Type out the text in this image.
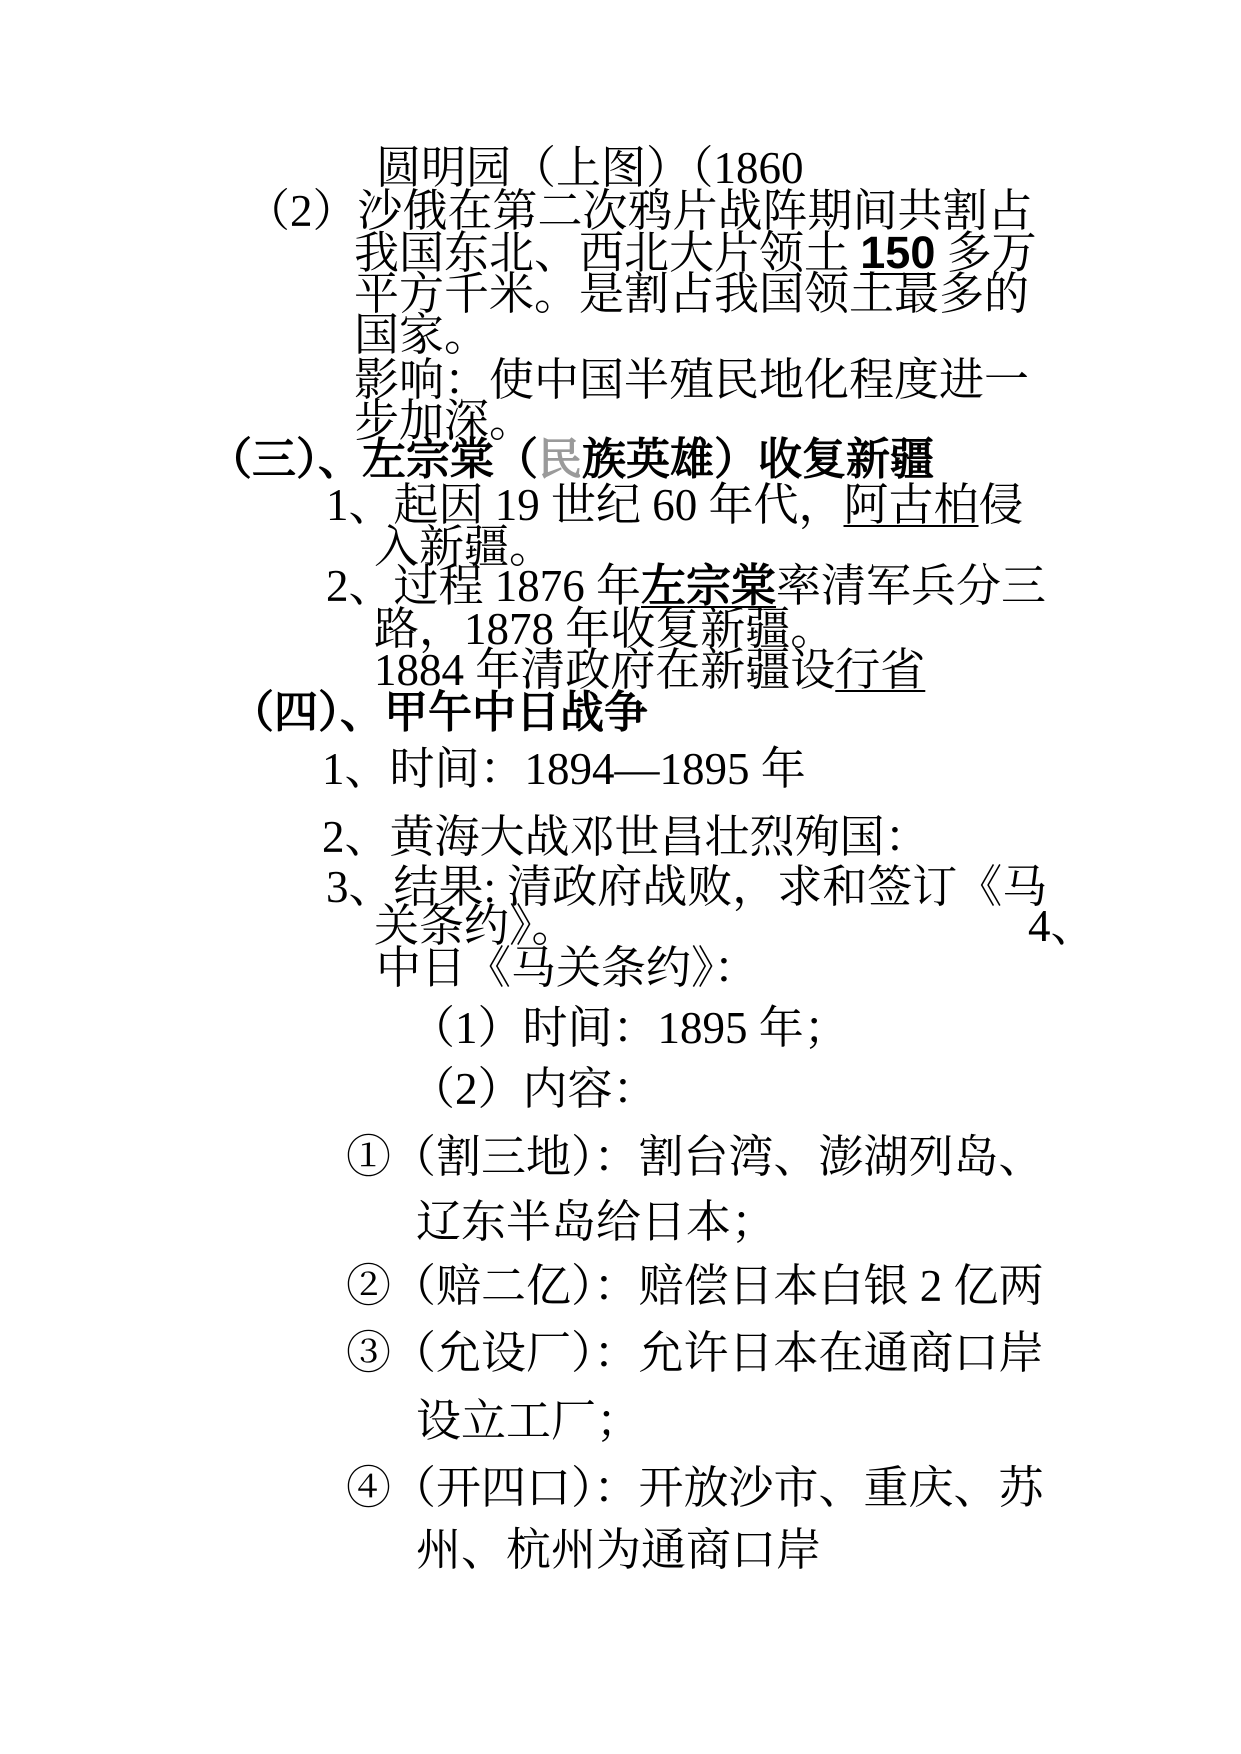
圆明园（上图）（1860
（2）沙俄在第二次鸦片战阵期间共割占
我国东北、西北大片领土 150 多万
平方千米。是割占我国领土最多的
国家。
影响：使中国半殖民地化程度进一
步加深。
（三）、左宗棠（民族英雄）收复新疆
1、起因 19 世纪 60 年代，阿古柏侵
入新疆。
2、过程 1876 年左宗棠率清军兵分三
路，1878 年收复新疆。
1884 年清政府在新疆设行省
（四）、甲午中日战争
1、时间：1894—1895 年
2、黄海大战邓世昌壮烈殉国：
3、结果: 清政府战败，求和签订《马
关条约》。	4、
中日《马关条约》：
（1）时间：1895 年；
（2）内容：
①（割三地）：割台湾、澎湖列岛、
辽东半岛给日本；
②（赔二亿）：赔偿日本白银 2 亿两
③（允设厂）：允许日本在通商口岸
设立工厂；
④（开四口）：开放沙市、重庆、苏
州、杭州为通商口岸
